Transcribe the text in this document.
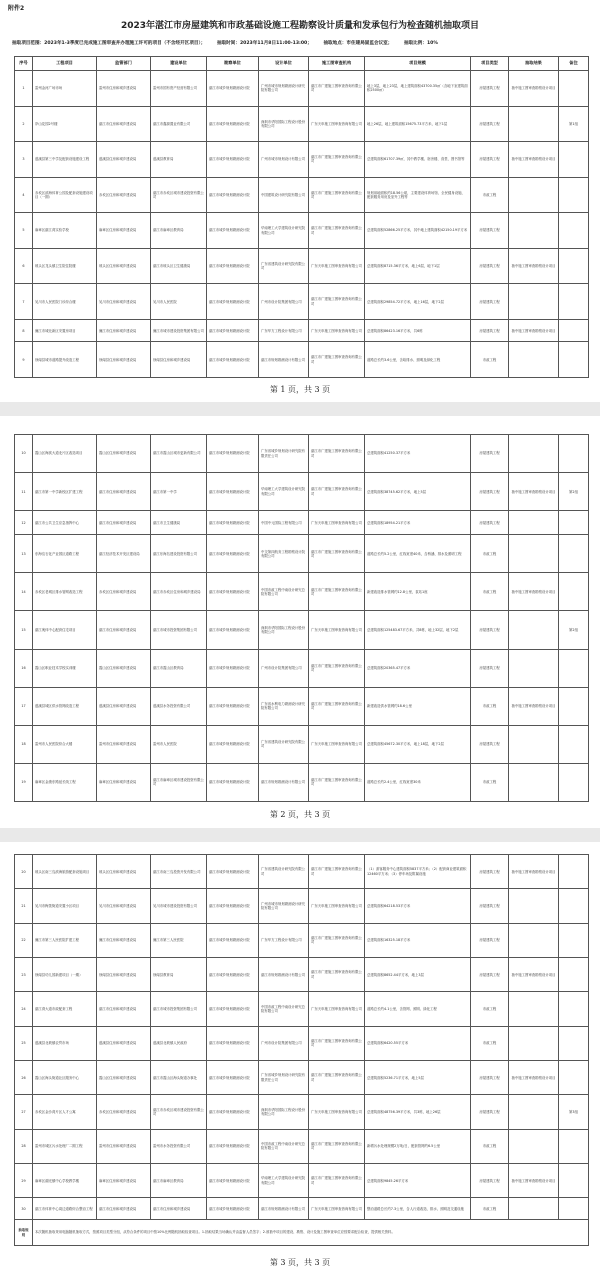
附件2
2023年湛江市房屋建筑和市政基础设施工程勘察设计质量和发承包行为检查随机抽取项目
抽取项目范围：2023年1-3季度已完成施工图审查并办理施工许可的项目（不含经开区项目）；	抽取时间：2023年11月8日11:00-13:00；	抽取地点：市住建局固监会议室；	抽取比例：10%
序号	工程项目	监管部门	建设单位	勘察单位	设计单位	施工图审查机构	项目规模	项目类型	抽取结果	备注
1	雷州金河广场市场	雷州市住房和城乡建设局	雷州市国有资产经营有限公司	湛江市城乡规划勘测设计院	广州市城市规划勘测设计研究院有限公司	湛江市广建施工图审查咨询有限公司	地上3层，地上23层，地上建筑面积43700.35㎡（含地下室建筑面积2500㎡）	房屋建筑工程	抽中施工图审查勘察设计项目	
2	岸山花园2号楼	湛江市住房和城乡建设局	湛江市鑫源置业有限公司	湛江市城乡规划勘测设计院	深圳市华阳国际工程设计股份有限公司	广东天申施工图审查咨询有限公司	地上26层，地上建筑面积15675.73平方米，地下1层	房屋建筑工程		第1组
3	遂溪县第三中学及配套设施建设工程	遂溪县住房和城乡建设局	遂溪县教育局	湛江市城乡规划勘测设计院	广州市城市规划设计有限公司	湛江市广建施工图审查咨询有限公司	总建筑面积61707.39㎡，其中教学楼、宿舍楼、食堂、图书馆等	房屋建筑工程	抽中施工图审查勘察设计项目	
4	赤坎区滨海体育公园及配套设施建设项目（一期）	赤坎区住房和城乡建设局	湛江市赤坎区城市建设投资有限公司	湛江市城乡规划勘测设计院	中国建筑设计研究院有限公司	湛江市广建施工图审查咨询有限公司	规划用地面积约18.56公顷，主要建设体育场馆、全民健身设施、配套服务用房及室外工程等	市政工程		
5	麻章区湛江湾实验学校	麻章区住房和城乡建设局	湛江市麻章区教育局	湛江市城乡规划勘测设计院	华南理工大学建筑设计研究院有限公司	湛江市广建施工图审查咨询有限公司	总建筑面积52866.25平方米，其中地上建筑面积42150.19平方米	房屋建筑工程		
6	坡头区龙头镇卫生院住院楼	坡头区住房和城乡建设局	湛江市坡头区卫生健康局	湛江市城乡规划勘测设计院	广东省建筑设计研究院有限公司	广东天申施工图审查咨询有限公司	总建筑面积8715.36平方米，地上6层，地下1层	房屋建筑工程	抽中施工图审查勘察设计项目	
7	吴川市人民医院门诊综合楼	吴川市住房和城乡建设局	吴川市人民医院	湛江市城乡规划勘测设计院	广州市设计院集团有限公司	湛江市广建施工图审查咨询有限公司	总建筑面积29854.72平方米，地上16层，地下2层	房屋建筑工程		
8	廉江市城北新区安置房项目	廉江市住房和城乡建设局	廉江市城市建设投资集团有限公司	湛江市城乡规划勘测设计院	广东华方工程设计有限公司	广东天申施工图审查咨询有限公司	总建筑面积86423.16平方米，共6栋	房屋建筑工程	抽中施工图审查勘察设计项目	
9	徐闻县城市道路提升改造工程	徐闻县住房和城乡建设局	徐闻县住房和城乡建设局	湛江市城乡规划勘测设计院	湛江市规划勘测设计有限公司	湛江市广建施工图审查咨询有限公司	道路总长约3.6公里，含给排水、照明及绿化工程	市政工程		
第 1 页，共 3 页
10	霞山区海滨大道北片区改造项目	霞山区住房和城乡建设局	湛江市霞山区城市更新有限公司	湛江市城乡规划勘测设计院	广东省城乡规划设计研究院有限责任公司	湛江市广建施工图审查咨询有限公司	总建筑面积41250.37平方米	房屋建筑工程		
11	湛江市第一中学新校区扩建工程	湛江市住房和城乡建设局	湛江市第一中学	湛江市城乡规划勘测设计院	华南理工大学建筑设计研究院有限公司	湛江市广建施工图审查咨询有限公司	总建筑面积38745.62平方米，地上5层	房屋建筑工程	抽中施工图审查勘察设计项目	第2组
12	湛江市公共卫生应急指挥中心	湛江市住房和城乡建设局	湛江市卫生健康局	湛江市城乡规划勘测设计院	中国中元国际工程有限公司	广东天申施工图审查咨询有限公司	总建筑面积18954.21平方米	房屋建筑工程		
13	东海岛石化产业园区道路工程	湛江经济技术开发区建设局	湛江东海岛建设投资有限公司	湛江市城乡规划勘测设计院	中交第四航务工程勘察设计院有限公司	湛江市广建施工图审查咨询有限公司	道路总长约5.2公里，红线宽度40米，含桥涵、排水及照明工程	市政工程		
14	赤坎区老城区排水管网改造工程	赤坎区住房和城乡建设局	湛江市赤坎区住房和城乡建设局	湛江市城乡规划勘测设计院	中国市政工程中南设计研究总院有限公司	湛江市广建施工图审查咨询有限公司	新建改造排水管网约12.8公里，泵站1座	市政工程	抽中施工图审查勘察设计项目	
15	湛江奥体中心配套住宅项目	湛江市住房和城乡建设局	湛江市城市投资集团有限公司	湛江市城乡规划勘测设计院	深圳市华阳国际工程设计股份有限公司	广东天申施工图审查咨询有限公司	总建筑面积125483.67平方米，共8栋，地上32层，地下2层	房屋建筑工程		第2组
16	霞山区职业技术学校实训楼	霞山区住房和城乡建设局	湛江市霞山区教育局	湛江市城乡规划勘测设计院	广州市设计院集团有限公司	湛江市广建施工图审查咨询有限公司	总建筑面积20365.47平方米	房屋建筑工程		
17	遂溪县城区供水管网改造工程	遂溪县住房和城乡建设局	遂溪县水务投资有限公司	湛江市城乡规划勘测设计院	广东省水利电力勘测设计研究院有限公司	湛江市广建施工图审查咨询有限公司	新建改造供水管网约18.6公里	市政工程	抽中施工图审查勘察设计项目	
18	雷州市人民医院综合大楼	雷州市住房和城乡建设局	雷州市人民医院	湛江市城乡规划勘测设计院	广东省建筑设计研究院有限公司	广东天申施工图审查咨询有限公司	总建筑面积45672.30平方米，地上18层，地下2层	房屋建筑工程		
19	麻章区金康东路延长线工程	麻章区住房和城乡建设局	湛江市麻章区城市建设投资有限公司	湛江市城乡规划勘测设计院	湛江市规划勘测设计有限公司	湛江市广建施工图审查咨询有限公司	道路总长约2.4公里，红线宽度30米	市政工程		
第 2 页，共 3 页
20	坡头区南三岛滨海旅游配套设施项目	坡头区住房和城乡建设局	湛江市南三岛投资开发有限公司	湛江市城乡规划勘测设计院	广东省建筑设计研究院有限公司	湛江市广建施工图审查咨询有限公司	（1）游客服务中心建筑面积5837平方米；（2）配套商业建筑面积12460平方米；（3）停车场及附属设施	房屋建筑工程	抽中施工图审查勘察设计项目	
21	吴川市梅菉街道安置小区项目	吴川市住房和城乡建设局	吴川市城市建设投资有限公司	湛江市城乡规划勘测设计院	广州市城市规划勘测设计研究院有限公司	广东天申施工图审查咨询有限公司	总建筑面积64218.53平方米	房屋建筑工程		
22	廉江市第三人民医院扩建工程	廉江市住房和城乡建设局	廉江市第三人民医院	湛江市城乡规划勘测设计院	广东华方工程设计有限公司	湛江市广建施工图审查咨询有限公司	总建筑面积16325.18平方米	房屋建筑工程		
23	徐闻县幼儿园新建项目（一期）	徐闻县住房和城乡建设局	徐闻县教育局	湛江市城乡规划勘测设计院	湛江市规划勘测设计有限公司	湛江市广建施工图审查咨询有限公司	总建筑面积8652.44平方米，地上3层	房屋建筑工程	抽中施工图审查勘察设计项目	
24	湛江湾大道市政配套工程	湛江市住房和城乡建设局	湛江市城市投资集团有限公司	湛江市城乡规划勘测设计院	中国市政工程中南设计研究总院有限公司	广东天申施工图审查咨询有限公司	道路总长约4.1公里，含管网、照明、绿化工程	市政工程		
25	遂溪县北坡镇农贸市场	遂溪县住房和城乡建设局	遂溪县北坡镇人民政府	湛江市城乡规划勘测设计院	广州市设计院集团有限公司	湛江市广建施工图审查咨询有限公司	总建筑面积6420.55平方米	市政工程		
26	霞山区海头街道社区服务中心	霞山区住房和城乡建设局	湛江市霞山区海头街道办事处	湛江市城乡规划勘测设计院	广东省城乡规划设计研究院有限责任公司	湛江市广建施工图审查咨询有限公司	总建筑面积5236.71平方米，地上5层	房屋建筑工程	抽中施工图审查勘察设计项目	
27	赤坎区金沙湾片区人才公寓	赤坎区住房和城乡建设局	湛江市赤坎区城市建设投资有限公司	湛江市城乡规划勘测设计院	深圳市华阳国际工程设计股份有限公司	广东天申施工图审查咨询有限公司	总建筑面积48756.39平方米，共3栋，地上26层	房屋建筑工程		第3组
28	雷州市城区污水处理厂二期工程	雷州市住房和城乡建设局	雷州市水务投资有限公司	湛江市城乡规划勘测设计院	中国市政工程中南设计研究总院有限公司	湛江市广建施工图审查咨询有限公司	新增污水处理规模2万吨/日，配套管网约6.5公里	市政工程		
29	麻章区湖光镇中心学校教学楼	麻章区住房和城乡建设局	湛江市麻章区教育局	湛江市城乡规划勘测设计院	华南理工大学建筑设计研究院有限公司	湛江市广建施工图审查咨询有限公司	总建筑面积9845.26平方米	房屋建筑工程	抽中施工图审查勘察设计项目	
30	湛江市体育中心周边道路综合整治工程	湛江市住房和城乡建设局	湛江市住房和城乡建设局	湛江市城乡规划勘测设计院	湛江市规划勘测设计有限公司	广东天申施工图审查咨询有限公司	整治道路总长约7.3公里，含人行道改造、排水、照明及交通设施	市政工程		
抽取规则	本次随机抽取采用电脑随机抽取方式，按照项目类型分组，从符合条件的项目中按10%比例随机抽取检查项目。1.抽取结果当场确认并由监督人员签字；2.被抽中项目的建设、勘察、设计及施工图审查单位应按要求配合检查，提供相关资料。									
第 3 页，共 3 页
